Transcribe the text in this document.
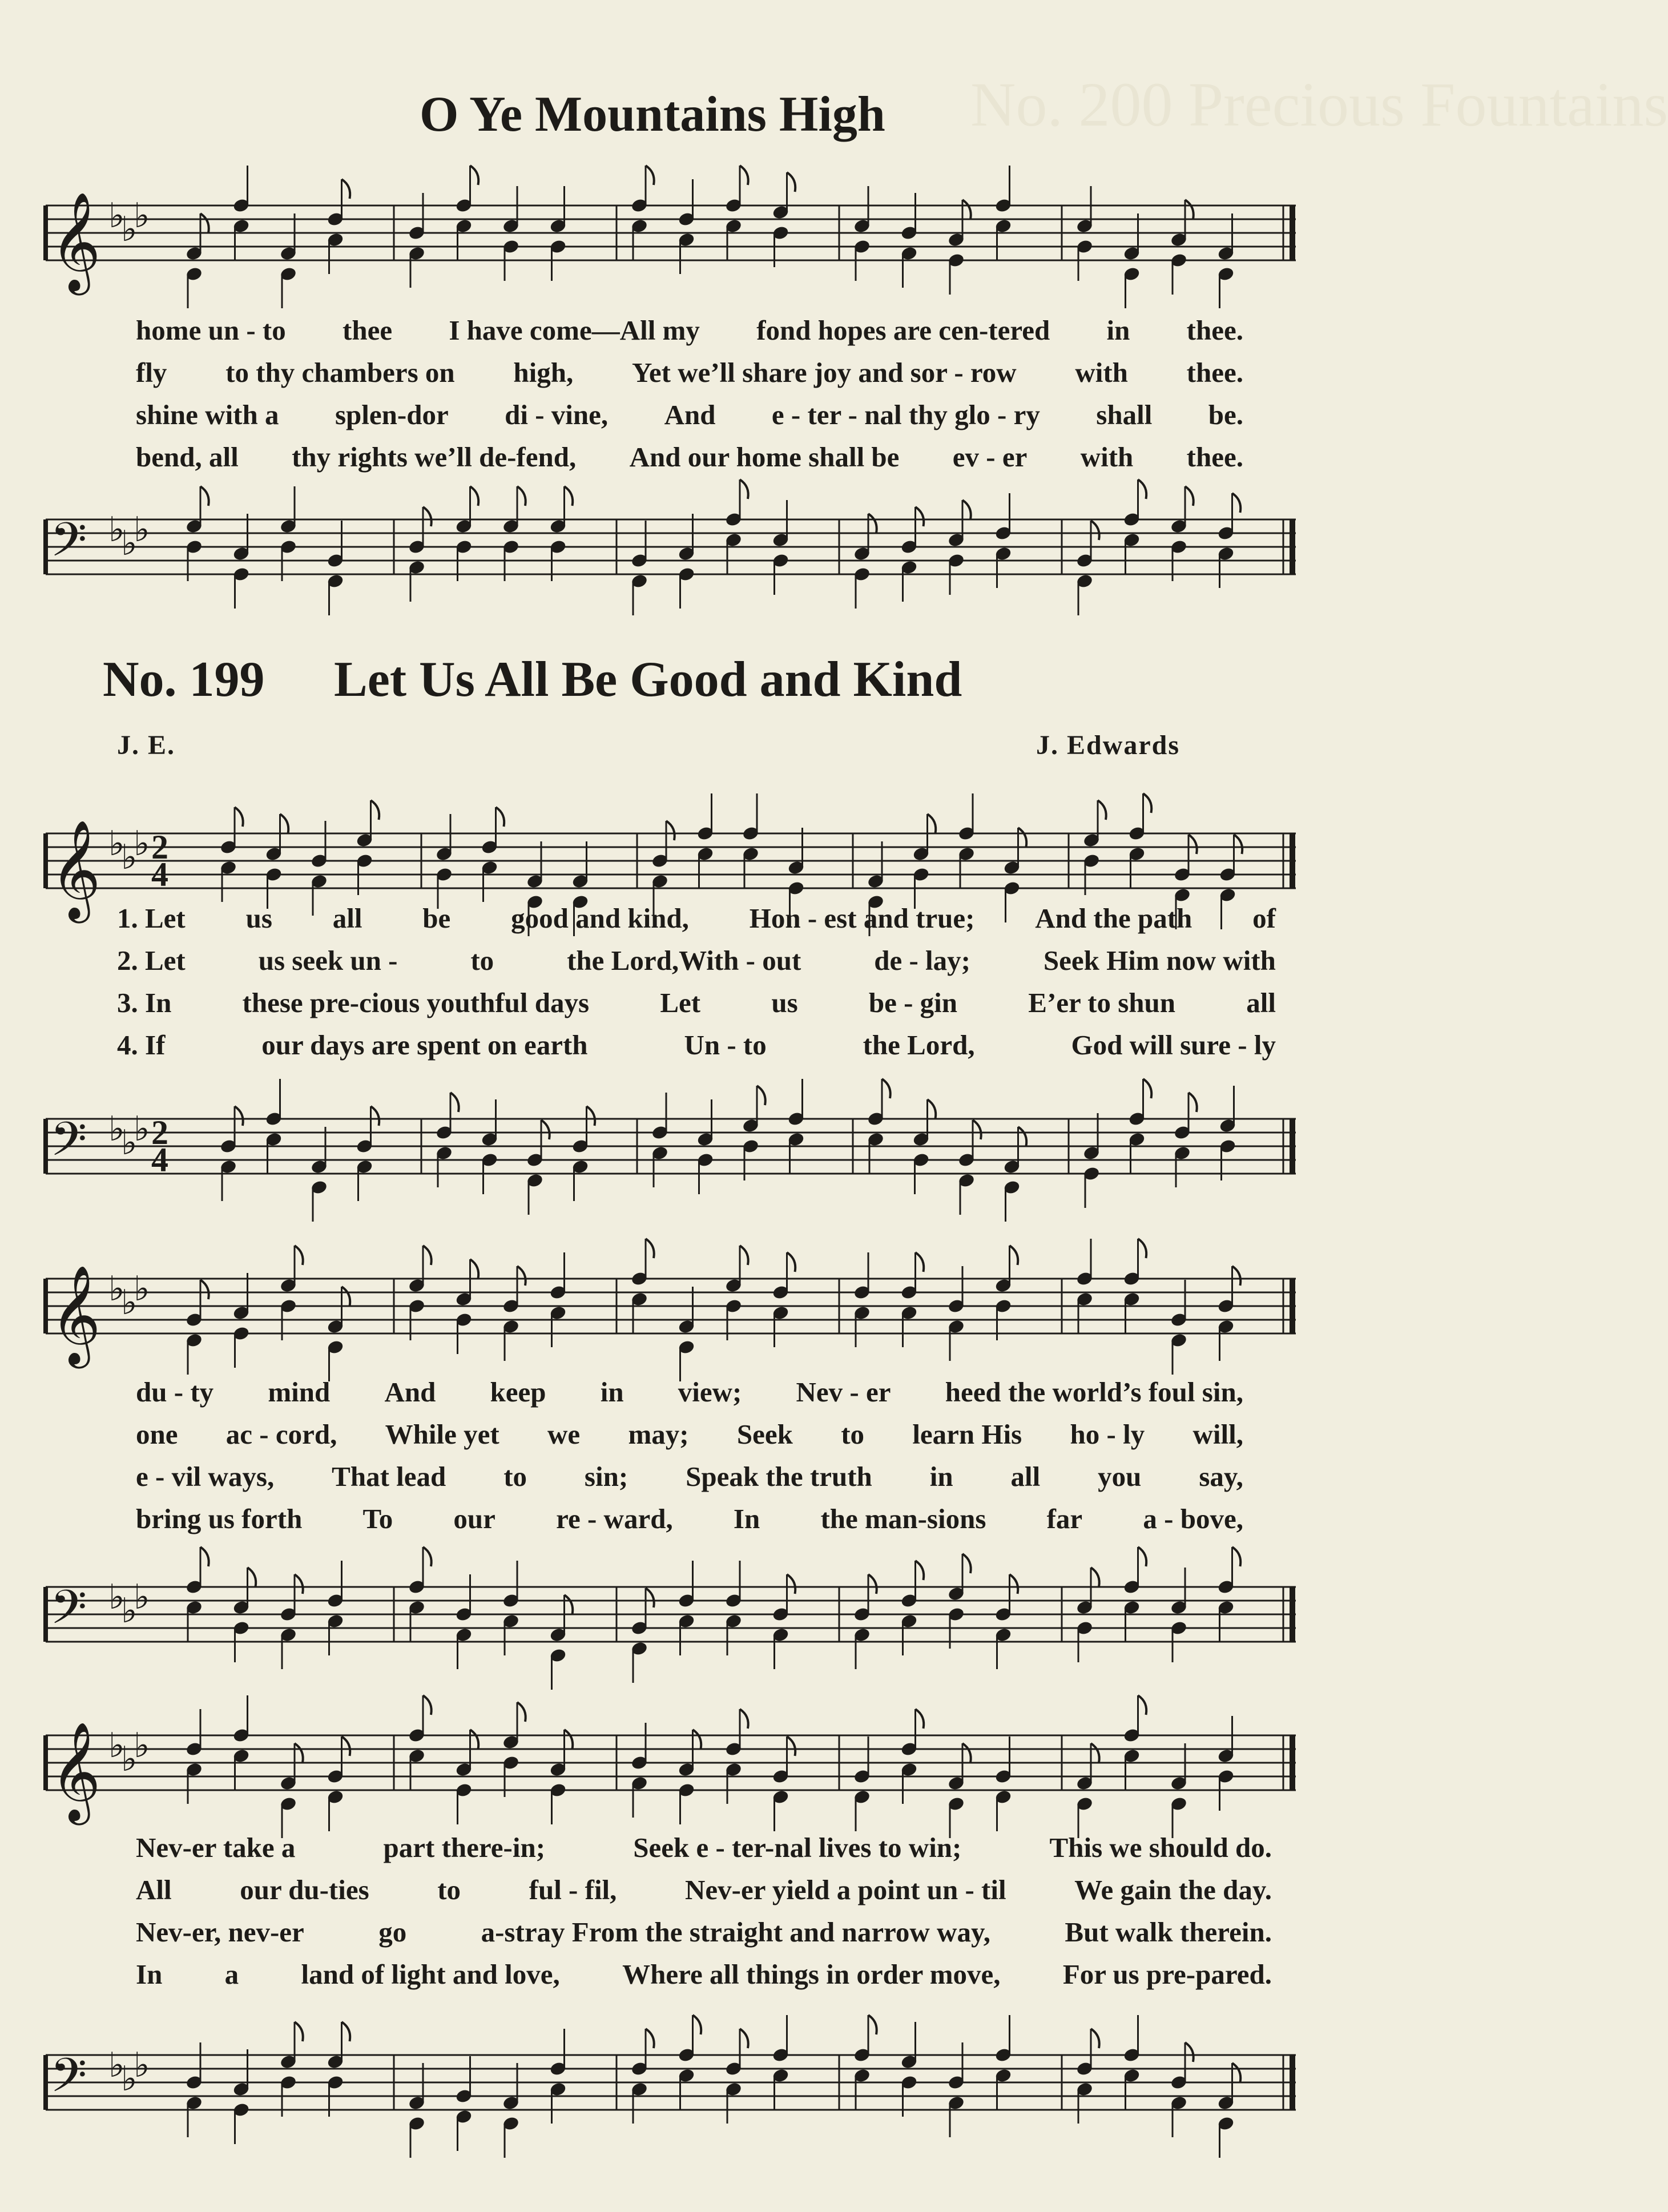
No. 200 Precious Fountains
O Ye Mountains High
𝄞 ♭
♭
♭
home un - to thee I have come—All my fond hopes are cen-tered in thee.
fly to thy chambers on high, Yet we’ll share joy and sor - row with thee.
shine with a splen-dor di - vine, And e - ter - nal thy glo - ry shall be.
bend, all thy rights we’ll de-fend, And our home shall be ev - er with thee.
𝄢 ♭
♭
♭
No. 199 Let Us All Be Good and Kind
J. E.	J. Edwards
𝄞 ♭
♭
♭ 2
4
1. Let us all be good and kind, Hon - est and true; And the path of
2. Let	us seek un -	to	the Lord,With - out	de - lay;	Seek Him now with
3. In	these pre-cious youthful days	Let	us	be - gin	E’er to shun	all
4. If	our days are spent on earth	Un - to	the Lord,	God will sure - ly
𝄢 ♭
♭
♭ 2
4
𝄞 ♭
♭
♭
du - ty mind And keep in view; Nev - er heed the world’s foul sin,
one ac - cord, While yet we may; Seek to learn His ho - ly will,
e - vil ways, That lead to sin; Speak the truth in all you say,
bring us forth To our re - ward, In the man-sions far a - bove,
𝄢 ♭
♭
♭
𝄞 ♭
♭
♭
Nev-er take a	part there-in;	Seek e - ter-nal lives to win;	This we should do.
All our du-ties to ful - fil, Nev-er yield a point un - til We gain the day.
Nev-er, nev-er	go	a-stray From the straight and narrow way,	But walk therein.
In a land of light and love, Where all things in order move, For us pre-pared.
𝄢 ♭
♭
♭
